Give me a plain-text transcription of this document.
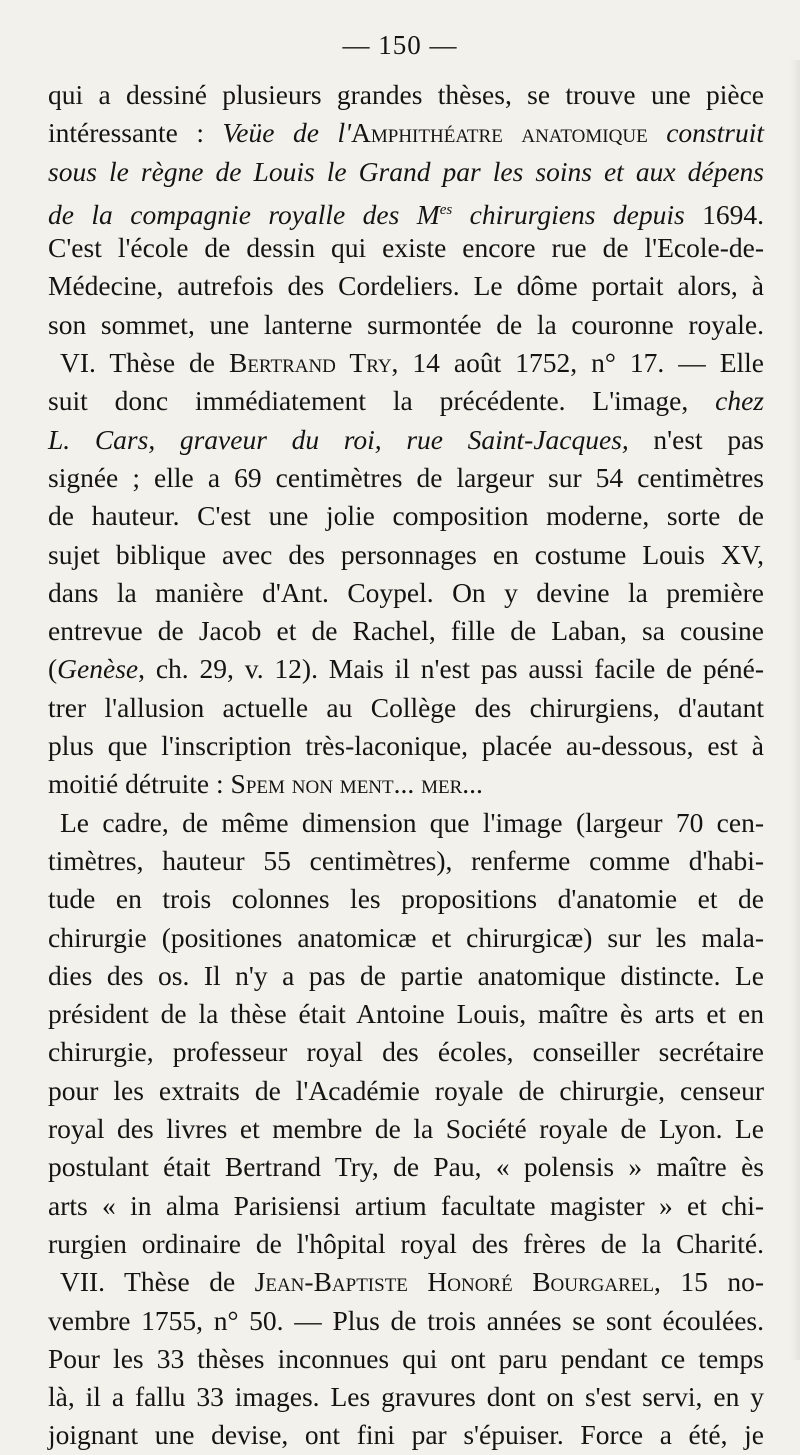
— 150 —
qui a dessiné plusieurs grandes thèses, se trouve une pièce
intéressante : Veüe de l'Amphithéatre anatomique construit
sous le règne de Louis le Grand par les soins et aux dépens
de la compagnie royalle des $M^{es}$ chirurgiens depuis 1694.
C'est l'école de dessin qui existe encore rue de l'Ecole-de-
Médecine, autrefois des Cordeliers. Le dôme portait alors, à
son sommet, une lanterne surmontée de la couronne royale.
VI. Thèse de Bertrand Try, 14 août 1752, n° 17. — Elle
suit donc immédiatement la précédente. L'image, chez
L. Cars, graveur du roi, rue Saint-Jacques, n'est pas
signée ; elle a 69 centimètres de largeur sur 54 centimètres
de hauteur. C'est une jolie composition moderne, sorte de
sujet biblique avec des personnages en costume Louis XV,
dans la manière d'Ant. Coypel. On y devine la première
entrevue de Jacob et de Rachel, fille de Laban, sa cousine
(Genèse, ch. 29, v. 12). Mais il n'est pas aussi facile de péné-
trer l'allusion actuelle au Collège des chirurgiens, d'autant
plus que l'inscription très-laconique, placée au-dessous, est à
moitié détruite : Spem non ment... mer...
Le cadre, de même dimension que l'image (largeur 70 cen-
timètres, hauteur 55 centimètres), renferme comme d'habi-
tude en trois colonnes les propositions d'anatomie et de
chirurgie (positiones anatomicæ et chirurgicæ) sur les mala-
dies des os. Il n'y a pas de partie anatomique distincte. Le
président de la thèse était Antoine Louis, maître ès arts et en
chirurgie, professeur royal des écoles, conseiller secrétaire
pour les extraits de l'Académie royale de chirurgie, censeur
royal des livres et membre de la Société royale de Lyon. Le
postulant était Bertrand Try, de Pau, « polensis » maître ès
arts « in alma Parisiensi artium facultate magister » et chi-
rurgien ordinaire de l'hôpital royal des frères de la Charité.
VII. Thèse de Jean-Baptiste Honoré Bourgarel, 15 no-
vembre 1755, n° 50. — Plus de trois années se sont écoulées.
Pour les 33 thèses inconnues qui ont paru pendant ce temps
là, il a fallu 33 images. Les gravures dont on s'est servi, en y
joignant une devise, ont fini par s'épuiser. Force a été, je
